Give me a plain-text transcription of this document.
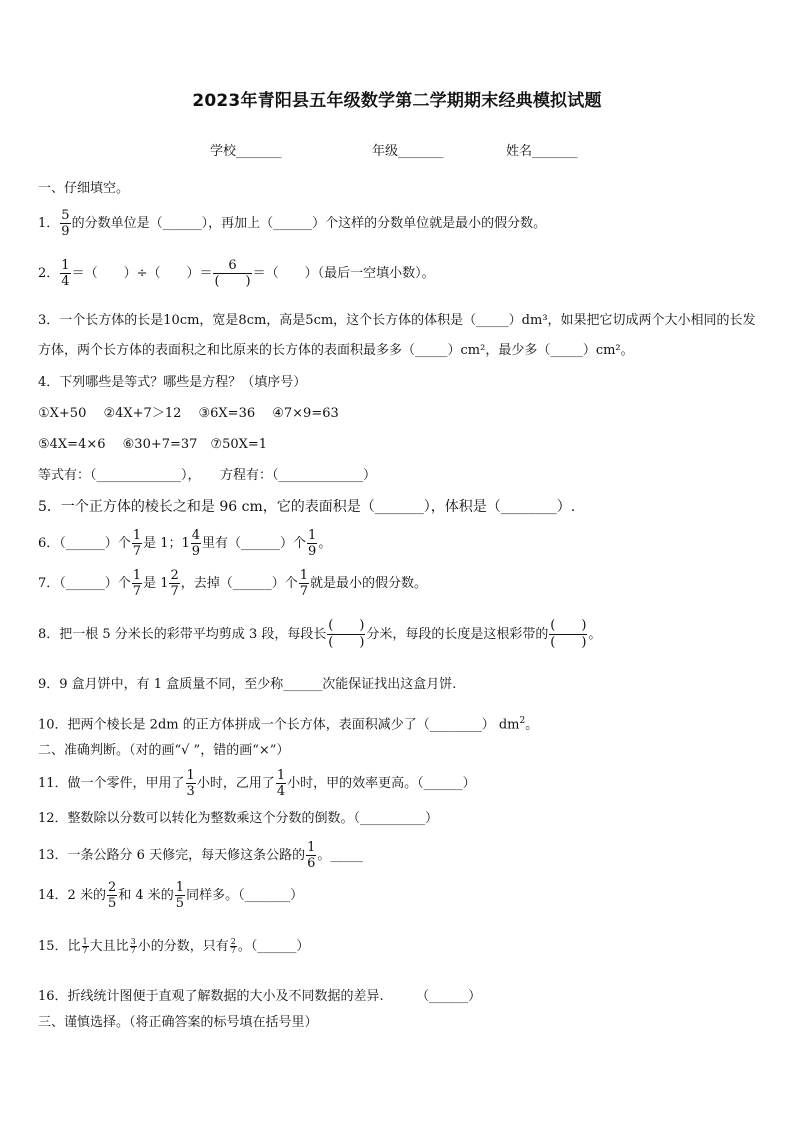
2023年青阳县五年级数学第二学期期末经典模拟试题
学校_______	年级_______	姓名_______
一、仔细填空。
1． $\frac{5}{9}$ 的分数单位是（______），再加上（______）个这样的分数单位就是最小的假分数。
2． $\frac{1}{4}$ ＝（　　）÷（　　）＝ $\frac{6}{( )}$ ＝（　　）（最后一空填小数）。
3．一个长方体的长是10cm，宽是8cm，高是5cm，这个长方体的体积是（_____）dm³，如果把它切成两个大小相同的长发方体，两个长方体的表面积之和比原来的长方体的表面积最多多（_____）cm²，最少多（_____）cm²。
4．下列哪些是等式？哪些是方程？（填序号）
①X+50　 ②4X+7＞12　 ③6X=36　 ④7×9=63
⑤4X=4×6　 ⑥30+7=37　⑦50X=1
等式有：（_____________），　　方程有：（_____________）
5．一个正方体的棱长之和是 96 cm，它的表面积是（_______），体积是（________）.
6．（______）个 $\frac{1}{7}$ 是 1；$1 \frac{4}{9}$ 里有（______）个 $\frac{1}{9}$ 。
7．（______）个 $\frac{1}{7}$ 是 $1 \frac{2}{7}$ ，去掉（______）个 $\frac{1}{7}$ 就是最小的假分数。
8．把一根 5 分米长的彩带平均剪成 3 段，每段长
(　　)
(　　)
分米，每段的长度是这根彩带的
(　　)
(　　)
。
9．9 盒月饼中，有 1 盒质量不同，至少称______次能保证找出这盒月饼.
10．把两个棱长是 2dm 的正方体拼成一个长方体，表面积减少了（________） $dm^2$。
二、准确判断。（对的画“√ ”，错的画“×”）
11．做一个零件，甲用了 $\frac{1}{3}$ 小时，乙用了 $\frac{1}{4}$ 小时，甲的效率更高。（______）
12．整数除以分数可以转化为整数乘这个分数的倒数。（__________）
13．一条公路分 6 天修完，每天修这条公路的 $\frac{1}{6}$ 。_____
14．2 米的 $\frac{2}{5}$ 和 4 米的 $\frac{1}{5}$ 同样多。（_______）
15．比 $\frac{1}{7}$ 大且比 $\frac{3}{7}$ 小的分数，只有 $\frac{2}{7}$ 。（______）
16．折线统计图便于直观了解数据的大小及不同数据的差异.　　　（______）
三、谨慎选择。（将正确答案的标号填在括号里）
